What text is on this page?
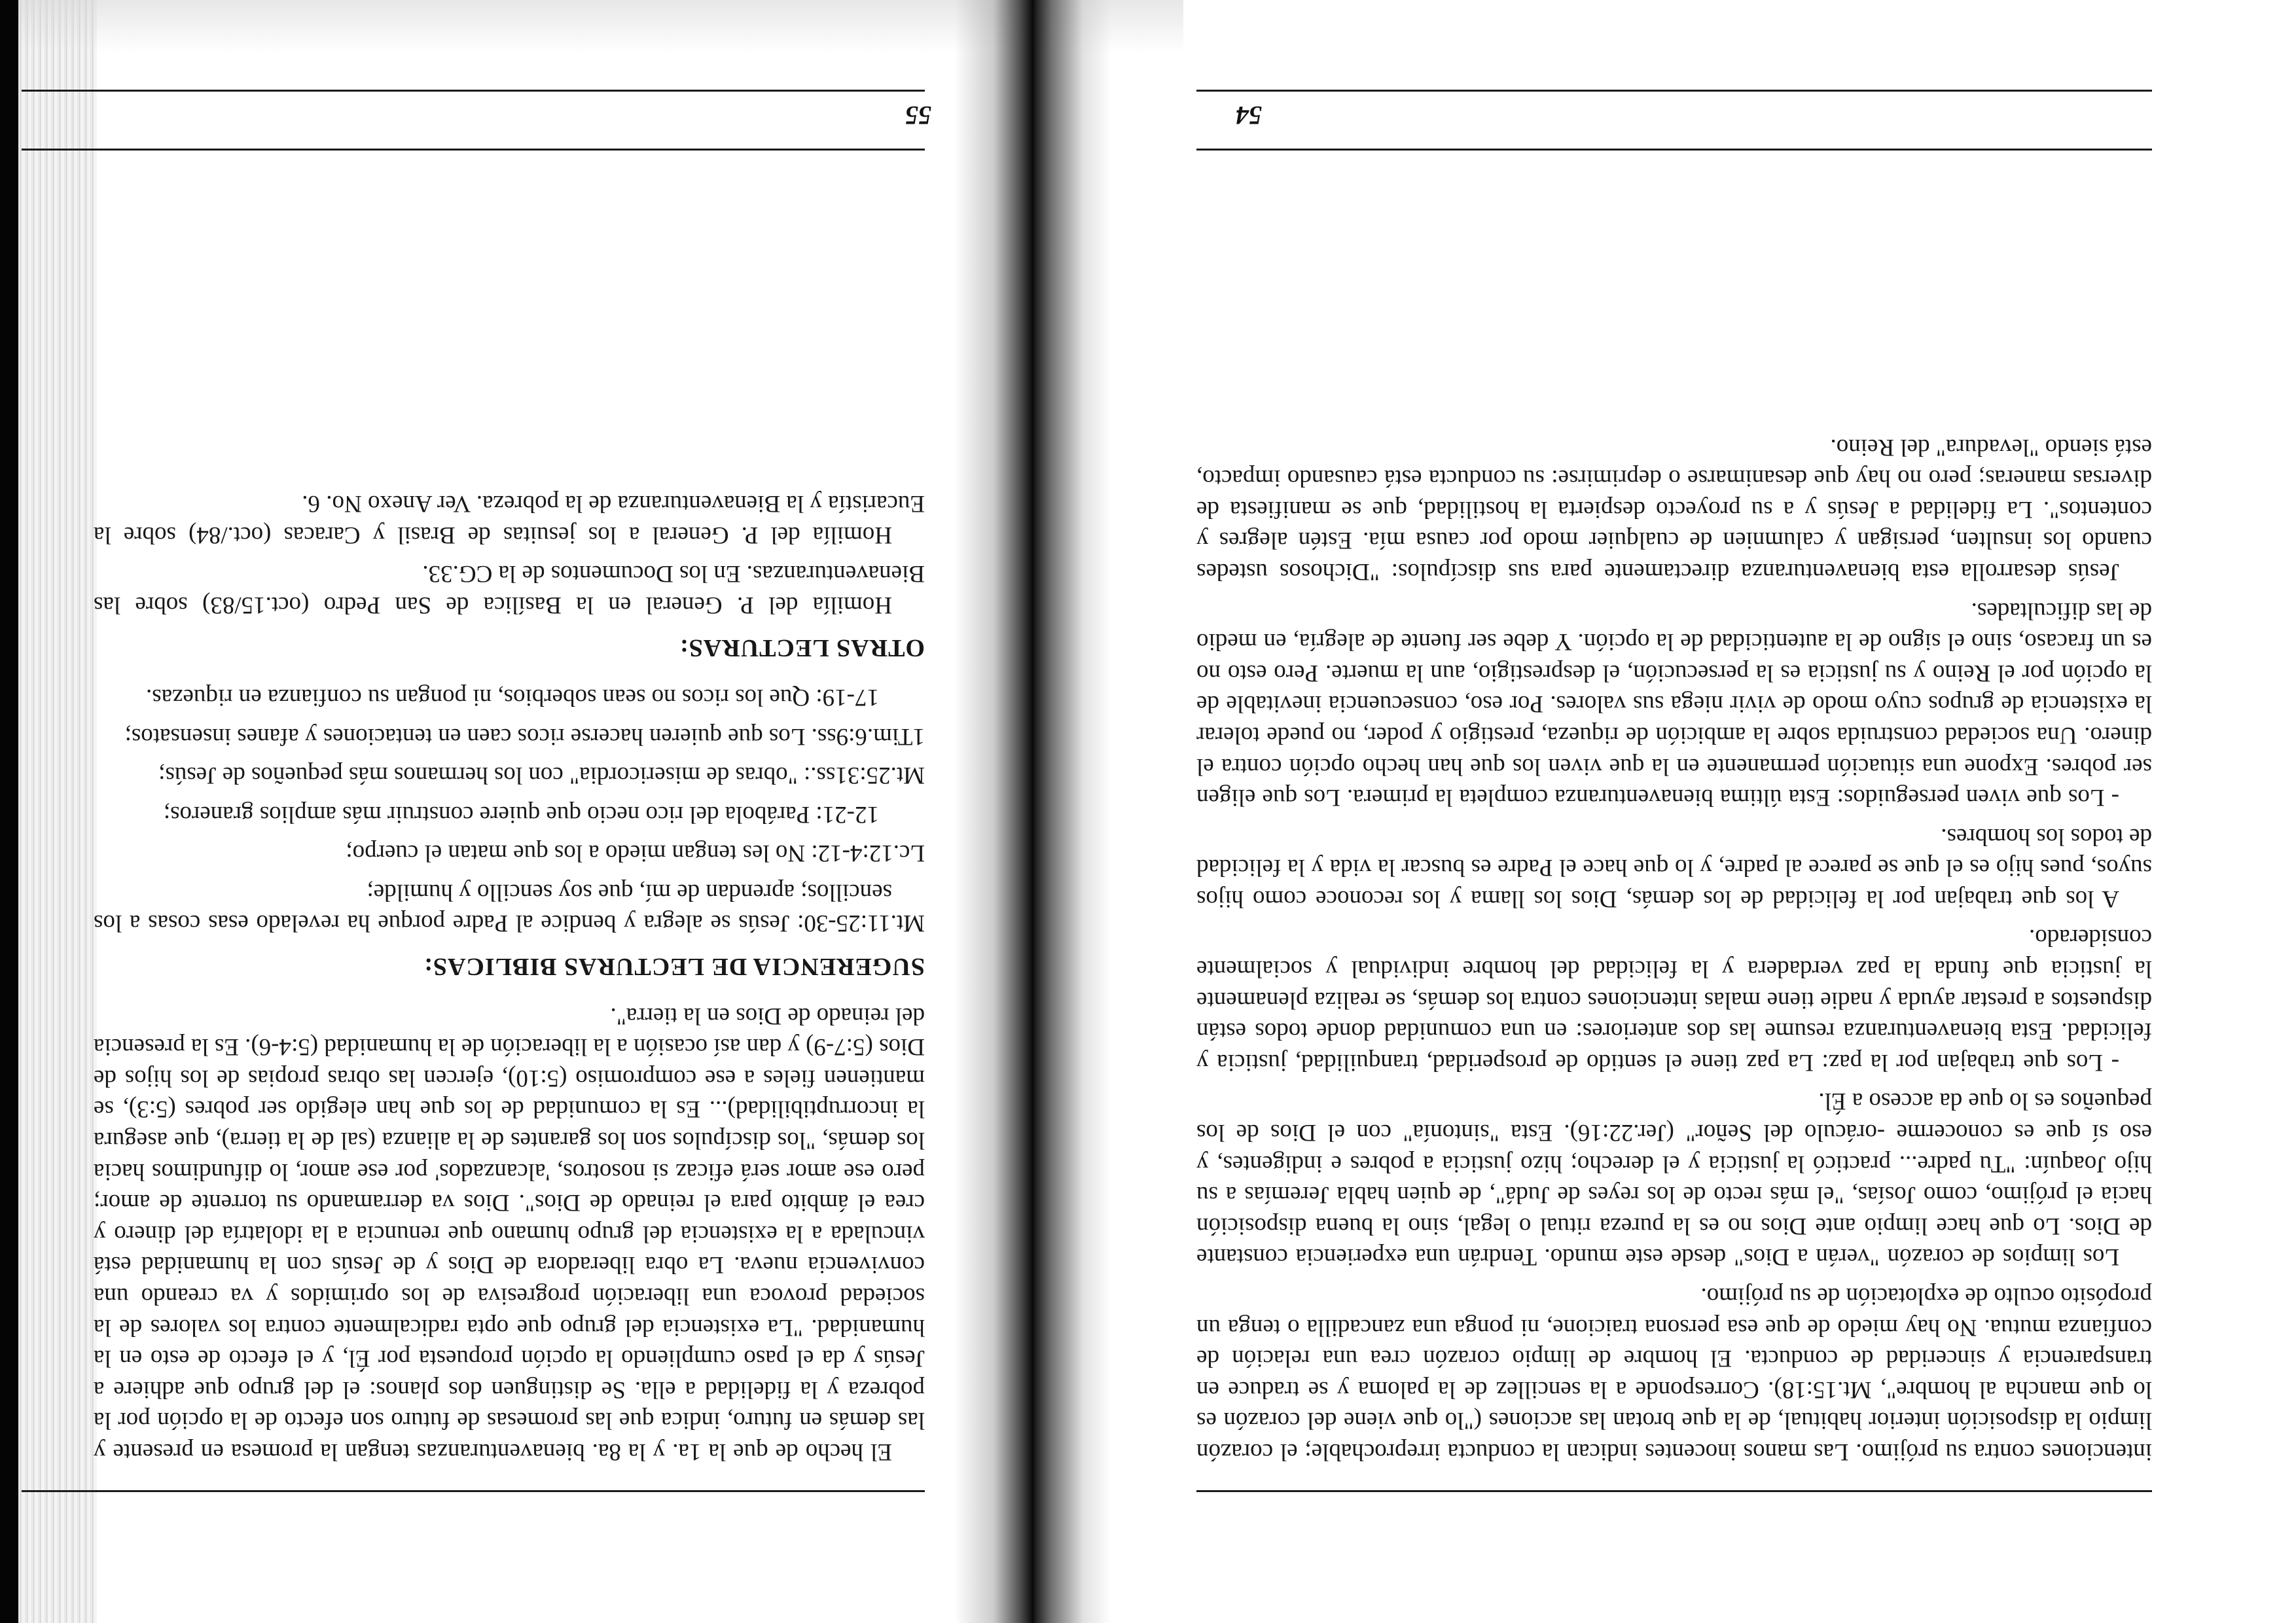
intenciones contra su prójimo. Las manos inocentes indican la conducta irreprochable; el corazón limpio la disposición interior habitual, de la que brotan las acciones ("lo que viene del corazón es lo que mancha al hombre", Mt.15:18). Corresponde a la sencillez de la paloma y se traduce en transparencia y sinceridad de conducta. El hombre de limpio corazón crea una relación de confianza mutua. No hay miedo de que esa persona traicione, ni ponga una zancadilla o tenga un propósito oculto de explotación de su prójimo.

Los limpios de corazón "verán a Dios" desde este mundo. Tendrán una experiencia constante de Dios. Lo que hace limpio ante Dios no es la pureza ritual o legal, sino la buena disposición hacia el prójimo, como Josías, "el más recto de los reyes de Judá", de quien habla Jeremías a su hijo Joaquín: "Tu padre... practicó la justicia y el derecho; hizo justicia a pobres e indigentes, y eso sí que es conocerme -oráculo del Señor" (Jer.22:16). Esta "sintonía" con el Dios de los pequeños es lo que da acceso a Él.

- Los que trabajan por la paz: La paz tiene el sentido de prosperidad, tranquilidad, justicia y felicidad. Esta bienaventuranza resume las dos anteriores: en una comunidad donde todos están dispuestos a prestar ayuda y nadie tiene malas intenciones contra los demás, se realiza plenamente la justicia que funda la paz verdadera y la felicidad del hombre individual y socialmente considerado.

A los que trabajan por la felicidad de los demás, Dios los llama y los reconoce como hijos suyos, pues hijo es el que se parece al padre, y lo que hace el Padre es buscar la vida y la felicidad de todos los hombres.

- Los que viven perseguidos: Esta última bienaventuranza completa la primera. Los que eligen ser pobres. Expone una situación permanente en la que viven los que han hecho opción contra el dinero. Una sociedad construida sobre la ambición de riqueza, prestigio y poder, no puede tolerar la existencia de grupos cuyo modo de vivir niega sus valores. Por eso, consecuencia inevitable de la opción por el Reino y su justicia es la persecución, el desprestigio, aun la muerte. Pero esto no es un fracaso, sino el signo de la autenticidad de la opción. Y debe ser fuente de alegría, en medio de las dificultades.

Jesús desarrolla esta bienaventuranza directamente para sus discípulos: "Dichosos ustedes cuando los insulten, persigan y calumnien de cualquier modo por causa mía. Estén alegres y contentos". La fidelidad a Jesús y a su proyecto despierta la hostilidad, que se manifiesta de diversas maneras; pero no hay que desanimarse o deprimirse: su conducta está causando impacto, está siendo "levadura" del Reino.

54

El hecho de que la 1a. y la 8a. bienaventuranzas tengan la promesa en presente y las demás en futuro, indica que las promesas de futuro son efecto de la opción por la pobreza y la fidelidad a ella. Se distinguen dos planos: el del grupo que adhiere a Jesús y da el paso cumpliendo la opción propuesta por Él, y el efecto de esto en la humanidad. "La existencia del grupo que opta radicalmente contra los valores de la sociedad provoca una liberación progresiva de los oprimidos y va creando una convivencia nueva. La obra liberadora de Dios y de Jesús con la humanidad está vinculada a la existencia del grupo humano que renuncia a la idolatría del dinero y crea el ámbito para el reinado de Dios". Dios va derramando su torrente de amor; pero ese amor será eficaz si nosotros, 'alcanzados' por ese amor, lo difundimos hacia los demás, "los discípulos son los garantes de la alianza (sal de la tierra), que asegura la incorruptibilidad)... Es la comunidad de los que han elegido ser pobres (5:3), se mantienen fieles a ese compromiso (5:10), ejercen las obras propias de los hijos de Dios (5:7-9) y dan así ocasión a la liberación de la humanidad (5:4-6). Es la presencia del reinado de Dios en la tierra".

SUGERENCIA DE LECTURAS BIBLICAS:

Mt.11:25-30: Jesús se alegra y bendice al Padre porque ha revelado esas cosas a los sencillos; aprendan de mí, que soy sencillo y humilde;

Lc.12:4-12: No les tengan miedo a los que matan el cuerpo;

12-21: Parábola del rico necio que quiere construir más amplios graneros;

Mt.25:31ss.: "obras de misericordia" con los hermanos más pequeños de Jesús;

1Tim.6:9ss. Los que quieren hacerse ricos caen en tentaciones y afanes insensatos;

17-19: Que los ricos no sean soberbios, ni pongan su confianza en riquezas.

OTRAS LECTURAS:

Homilía del P. General en la Basílica de San Pedro (oct.15/83) sobre las Bienaventuranzas. En los Documentos de la CG.33.

Homilía del P. General a los jesuitas de Brasil y Caracas (oct./84) sobre la Eucaristía y la Bienaventuranza de la pobreza. Ver Anexo No. 6.

55
